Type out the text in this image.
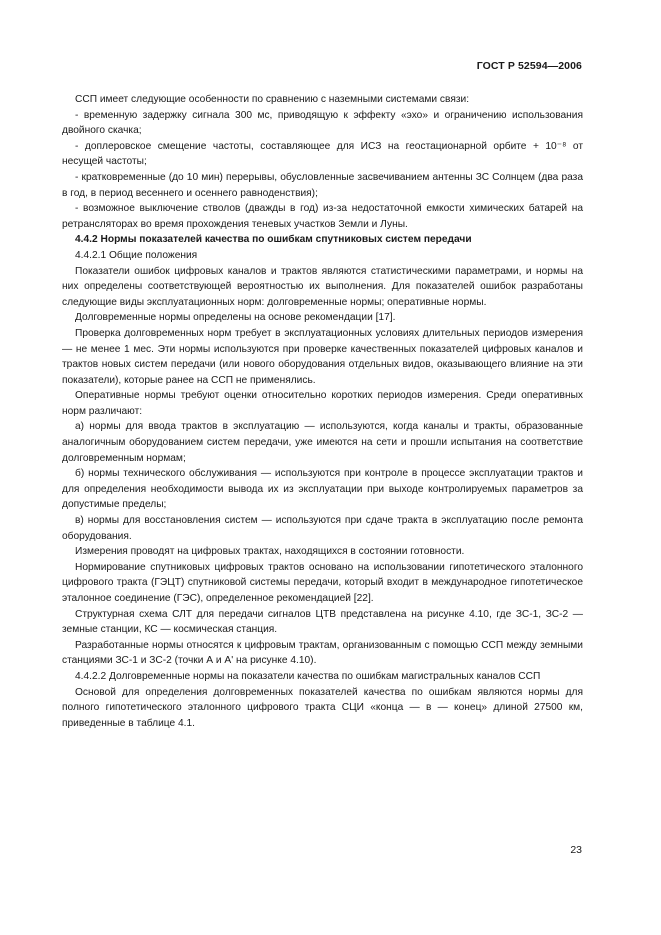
ГОСТ Р 52594—2006

ССП имеет следующие особенности по сравнению с наземными системами связи:

- временную задержку сигнала 300 мс, приводящую к эффекту «эхо» и ограничению использования двойного скачка;

- доплеровское смещение частоты, составляющее для ИСЗ на геостационарной орбите + 10⁻⁸ от несущей частоты;

- кратковременные (до 10 мин) перерывы, обусловленные засвечиванием антенны ЗС Солнцем (два раза в год, в период весеннего и осеннего равноденствия);

- возможное выключение стволов (дважды в год) из-за недостаточной емкости химических батарей на ретрансляторах во время прохождения теневых участков Земли и Луны.

4.4.2 Нормы показателей качества по ошибкам спутниковых систем передачи

4.4.2.1 Общие положения

Показатели ошибок цифровых каналов и трактов являются статистическими параметрами, и нормы на них определены соответствующей вероятностью их выполнения. Для показателей ошибок разработаны следующие виды эксплуатационных норм: долговременные нормы; оперативные нормы.

Долговременные нормы определены на основе рекомендации [17].

Проверка долговременных норм требует в эксплуатационных условиях длительных периодов измерения — не менее 1 мес. Эти нормы используются при проверке качественных показателей цифровых каналов и трактов новых систем передачи (или нового оборудования отдельных видов, оказывающего влияние на эти показатели), которые ранее на ССП не применялись.

Оперативные нормы требуют оценки относительно коротких периодов измерения. Среди оперативных норм различают:

а) нормы для ввода трактов в эксплуатацию — используются, когда каналы и тракты, образованные аналогичным оборудованием систем передачи, уже имеются на сети и прошли испытания на соответствие долговременным нормам;

б) нормы технического обслуживания — используются при контроле в процессе эксплуатации трактов и для определения необходимости вывода их из эксплуатации при выходе контролируемых параметров за допустимые пределы;

в) нормы для восстановления систем — используются при сдаче тракта в эксплуатацию после ремонта оборудования.

Измерения проводят на цифровых трактах, находящихся в состоянии готовности.

Нормирование спутниковых цифровых трактов основано на использовании гипотетического эталонного цифрового тракта (ГЭЦТ) спутниковой системы передачи, который входит в международное гипотетическое эталонное соединение (ГЭС), определенное рекомендацией [22].

Структурная схема СЛТ для передачи сигналов ЦТВ представлена на рисунке 4.10, где ЗС-1, ЗС-2 — земные станции, КС — космическая станция.

Разработанные нормы относятся к цифровым трактам, организованным с помощью ССП между земными станциями ЗС-1 и ЗС-2 (точки А и А' на рисунке 4.10).

4.4.2.2 Долговременные нормы на показатели качества по ошибкам магистральных каналов ССП

Основой для определения долговременных показателей качества по ошибкам являются нормы для полного гипотетического эталонного цифрового тракта СЦИ «конца — в — конец» длиной 27500 км, приведенные в таблице 4.1.

23
